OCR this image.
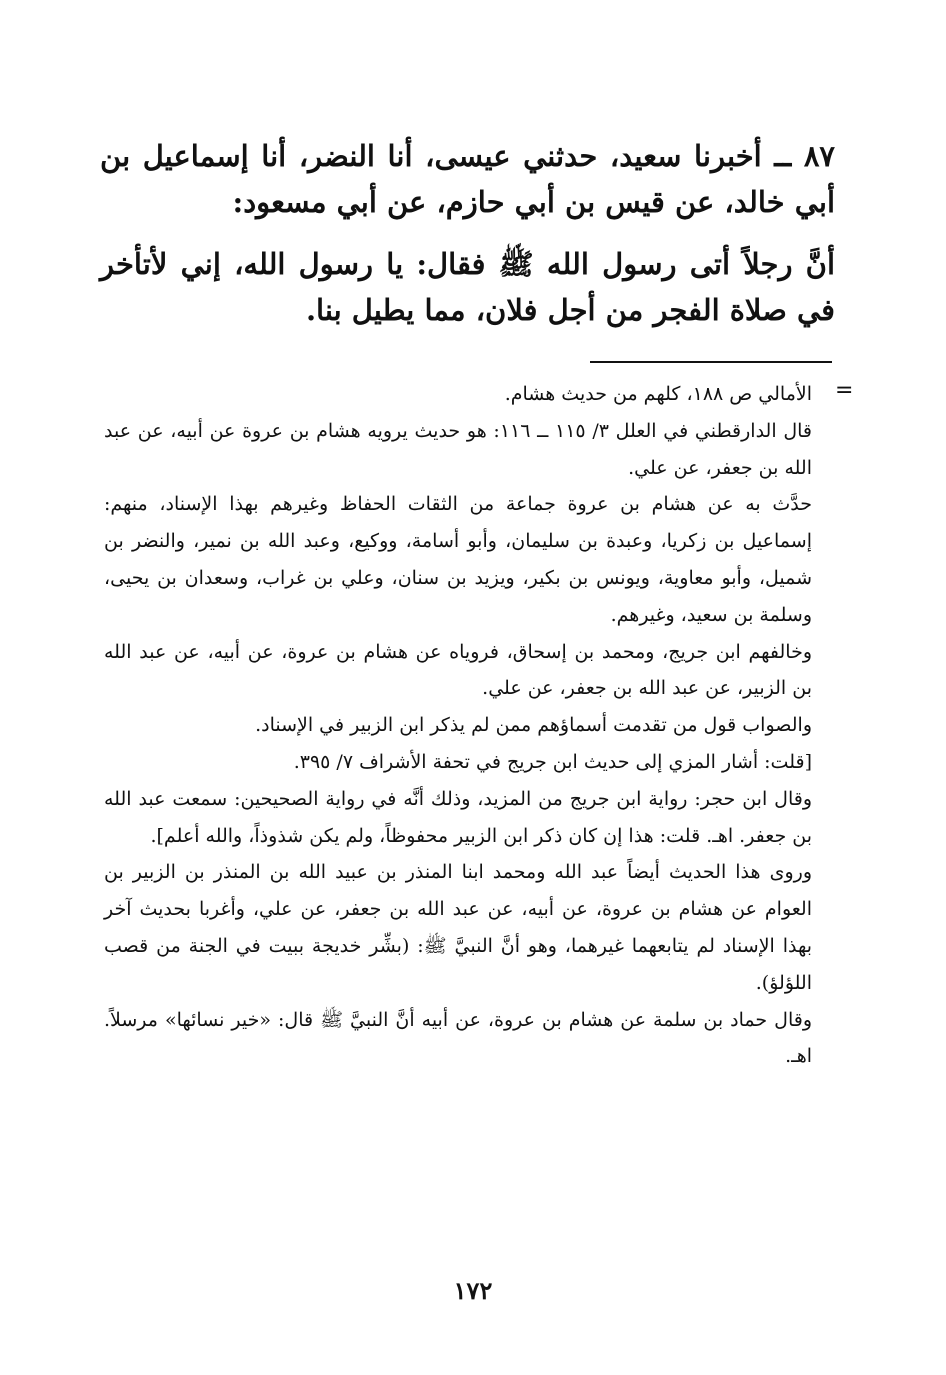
٨٧ ــ أخبرنا سعيد، حدثني عيسى، أنا النضر، أنا إسماعيل بن أبي خالد، عن قيس بن أبي حازم، عن أبي مسعود:
أنَّ رجلاً أتى رسول الله ﷺ فقال: يا رسول الله، إني لأتأخر في صلاة الفجر من أجل فلان، مما يطيل بنا.
=

الأمالي ص ١٨٨، كلهم من حديث هشام.

قال الدارقطني في العلل ٣/ ١١٥ ــ ١١٦: هو حديث يرويه هشام بن عروة عن أبيه، عن عبد الله بن جعفر، عن علي.

حدَّث به عن هشام بن عروة جماعة من الثقات الحفاظ وغيرهم بهذا الإسناد، منهم: إسماعيل بن زكريا، وعبدة بن سليمان، وأبو أسامة، ووكيع، وعبد الله بن نمير، والنضر بن شميل، وأبو معاوية، ويونس بن بكير، ويزيد بن سنان، وعلي بن غراب، وسعدان بن يحيى، وسلمة بن سعيد، وغيرهم.

وخالفهم ابن جريج، ومحمد بن إسحاق، فروياه عن هشام بن عروة، عن أبيه، عن عبد الله بن الزبير، عن عبد الله بن جعفر، عن علي.

والصواب قول من تقدمت أسماؤهم ممن لم يذكر ابن الزبير في الإسناد.

[قلت: أشار المزي إلى حديث ابن جريج في تحفة الأشراف ٧/ ٣٩٥.

وقال ابن حجر: رواية ابن جريج من المزيد، وذلك أنَّه في رواية الصحيحين: سمعت عبد الله بن جعفر. اهـ. قلت: هذا إن كان ذكر ابن الزبير محفوظاً، ولم يكن شذوذاً، والله أعلم].

وروى هذا الحديث أيضاً عبد الله ومحمد ابنا المنذر بن عبيد الله بن المنذر بن الزبير بن العوام عن هشام بن عروة، عن أبيه، عن عبد الله بن جعفر، عن علي، وأغربا بحديث آخر بهذا الإسناد لم يتابعهما غيرهما، وهو أنَّ النبيَّ ﷺ: (بشِّر خديجة ببيت في الجنة من قصب اللؤلؤ).

وقال حماد بن سلمة عن هشام بن عروة، عن أبيه أنَّ النبيَّ ﷺ قال: «خير نسائها» مرسلاً. اهـ.

١٧٢
